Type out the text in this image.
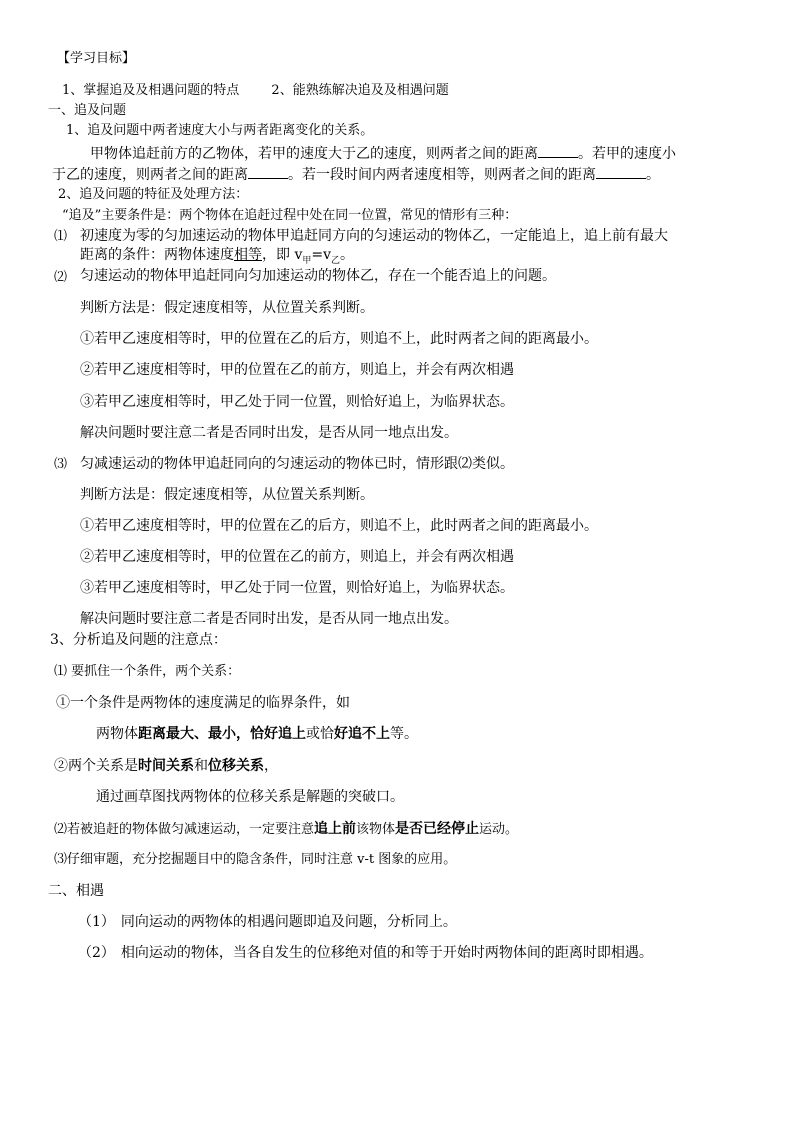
【学习目标】
1、掌握追及及相遇问题的特点 2、能熟练解决追及及相遇问题
一、追及问题
1、追及问题中两者速度大小与两者距离变化的关系。
甲物体追赶前方的乙物体，若甲的速度大于乙的速度，则两者之间的距离	。若甲的速度小
于乙的速度，则两者之间的距离	。若一段时间内两者速度相等，则两者之间的距离	。
2、追及问题的特征及处理方法：
“追及”主要条件是：两个物体在追赶过程中处在同一位置，常见的情形有三种：
⑴ 初速度为零的匀加速运动的物体甲追赶同方向的匀速运动的物体乙，一定能追上，追上前有最大
距离的条件：两物体速度相等，即 $v_甲=v_乙$。
⑵ 匀速运动的物体甲追赶同向匀加速运动的物体乙，存在一个能否追上的问题。
判断方法是：假定速度相等，从位置关系判断。
①若甲乙速度相等时，甲的位置在乙的后方，则追不上，此时两者之间的距离最小。
②若甲乙速度相等时，甲的位置在乙的前方，则追上，并会有两次相遇
③若甲乙速度相等时，甲乙处于同一位置，则恰好追上，为临界状态。
解决问题时要注意二者是否同时出发，是否从同一地点出发。
⑶ 匀减速运动的物体甲追赶同向的匀速运动的物体已时，情形跟⑵类似。
判断方法是：假定速度相等，从位置关系判断。
①若甲乙速度相等时，甲的位置在乙的后方，则追不上，此时两者之间的距离最小。
②若甲乙速度相等时，甲的位置在乙的前方，则追上，并会有两次相遇
③若甲乙速度相等时，甲乙处于同一位置，则恰好追上，为临界状态。
解决问题时要注意二者是否同时出发，是否从同一地点出发。
3、分析追及问题的注意点：
⑴ 要抓住一个条件，两个关系：
①一个条件是两物体的速度满足的临界条件，如
两物体距离最大、最小，恰好追上或恰好追不上等。
②两个关系是时间关系和位移关系，
通过画草图找两物体的位移关系是解题的突破口。
⑵若被追赶的物体做匀减速运动，一定要注意追上前该物体是否已经停止运动。
⑶仔细审题，充分挖掘题目中的隐含条件，同时注意 v-t 图象的应用。
二、相遇
（1） 同向运动的两物体的相遇问题即追及问题，分析同上。
（2） 相向运动的物体，当各自发生的位移绝对值的和等于开始时两物体间的距离时即相遇。
